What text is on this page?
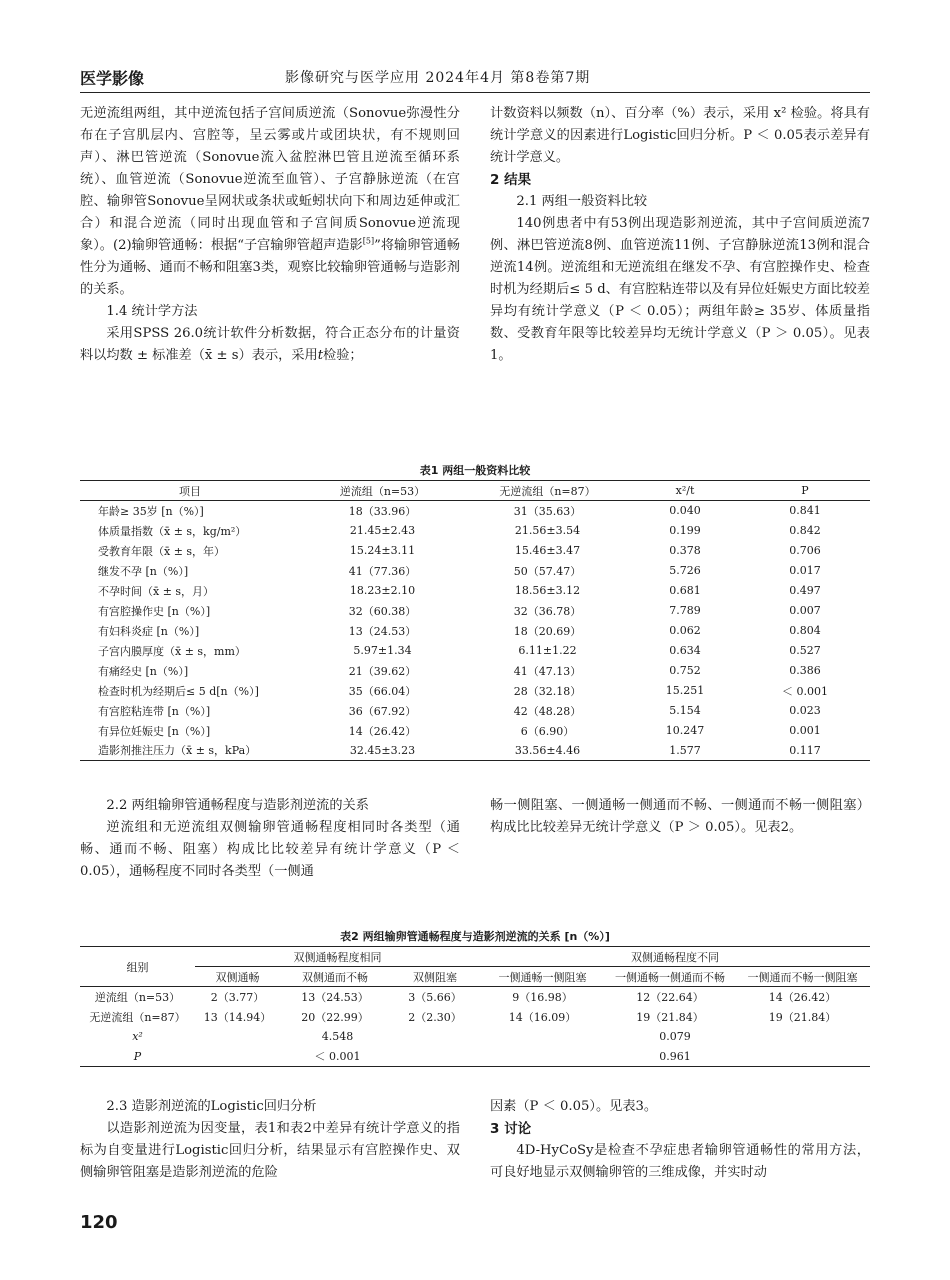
医学影像	影像研究与医学应用 2024年4月 第8卷第7期

无逆流组两组，其中逆流包括子宫间质逆流（Sonovue弥漫性分布在子宫肌层内、宫腔等，呈云雾或片或团块状，有不规则回声）、淋巴管逆流（Sonovue流入盆腔淋巴管且逆流至循环系统）、血管逆流（Sonovue逆流至血管）、子宫静脉逆流（在宫腔、输卵管Sonovue呈网状或条状或蚯蚓状向下和周边延伸或汇合）和混合逆流（同时出现血管和子宫间质Sonovue逆流现象）。(2)输卵管通畅：根据“子宫输卵管超声造影[5]”将输卵管通畅性分为通畅、通而不畅和阻塞3类，观察比较输卵管通畅与造影剂的关系。

1.4 统计学方法

采用SPSS 26.0统计软件分析数据，符合正态分布的计量资料以均数 ± 标准差（x̄ ± s）表示，采用t检验；

计数资料以频数（n）、百分率（%）表示，采用 x² 检验。将具有统计学意义的因素进行Logistic回归分析。P ＜ 0.05表示差异有统计学意义。

2 结果

2.1 两组一般资料比较

140例患者中有53例出现造影剂逆流，其中子宫间质逆流7例、淋巴管逆流8例、血管逆流11例、子宫静脉逆流13例和混合逆流14例。逆流组和无逆流组在继发不孕、有宫腔操作史、检查时机为经期后≤ 5 d、有宫腔粘连带以及有异位妊娠史方面比较差异均有统计学意义（P ＜ 0.05）；两组年龄≥ 35岁、体质量指数、受教育年限等比较差异均无统计学意义（P ＞ 0.05）。见表1。

表1 两组一般资料比较
项目	逆流组（n=53）	无逆流组（n=87）	x²/t	P
年龄≥ 35岁 [n（%）]	18（33.96）	31（35.63）	0.040	0.841
体质量指数（x̄ ± s，kg/m²）	21.45±2.43	21.56±3.54	0.199	0.842
受教育年限（x̄ ± s，年）	15.24±3.11	15.46±3.47	0.378	0.706
继发不孕 [n（%）]	41（77.36）	50（57.47）	5.726	0.017
不孕时间（x̄ ± s，月）	18.23±2.10	18.56±3.12	0.681	0.497
有宫腔操作史 [n（%）]	32（60.38）	32（36.78）	7.789	0.007
有妇科炎症 [n（%）]	13（24.53）	18（20.69）	0.062	0.804
子宫内膜厚度（x̄ ± s，mm）	5.97±1.34	6.11±1.22	0.634	0.527
有痛经史 [n（%）]	21（39.62）	41（47.13）	0.752	0.386
检查时机为经期后≤ 5 d[n（%）]	35（66.04）	28（32.18）	15.251	＜ 0.001
有宫腔粘连带 [n（%）]	36（67.92）	42（48.28）	5.154	0.023
有异位妊娠史 [n（%）]	14（26.42）	6（6.90）	10.247	0.001
造影剂推注压力（x̄ ± s，kPa）	32.45±3.23	33.56±4.46	1.577	0.117

2.2 两组输卵管通畅程度与造影剂逆流的关系

逆流组和无逆流组双侧输卵管通畅程度相同时各类型（通畅、通而不畅、阻塞）构成比比较差异有统计学意义（P ＜ 0.05），通畅程度不同时各类型（一侧通

畅一侧阻塞、一侧通畅一侧通而不畅、一侧通而不畅一侧阻塞）构成比比较差异无统计学意义（P ＞ 0.05）。见表2。

表2 两组输卵管通畅程度与造影剂逆流的关系 [n（%）]
组别	双侧通畅程度相同			双侧通畅程度不同		
	双侧通畅	双侧通而不畅	双侧阻塞	一侧通畅一侧阻塞	一侧通畅一侧通而不畅	一侧通而不畅一侧阻塞
逆流组（n=53）	2（3.77）	13（24.53）	3（5.66）	9（16.98）	12（22.64）	14（26.42）
无逆流组（n=87）	13（14.94）	20（22.99）	2（2.30）	14（16.09）	19（21.84）	19（21.84）
x²	4.548			0.079		
P	＜ 0.001			0.961		

2.3 造影剂逆流的Logistic回归分析

以造影剂逆流为因变量，表1和表2中差异有统计学意义的指标为自变量进行Logistic回归分析，结果显示有宫腔操作史、双侧输卵管阻塞是造影剂逆流的危险

因素（P ＜ 0.05）。见表3。

3 讨论

4D-HyCoSy是检查不孕症患者输卵管通畅性的常用方法，可良好地显示双侧输卵管的三维成像，并实时动

120
